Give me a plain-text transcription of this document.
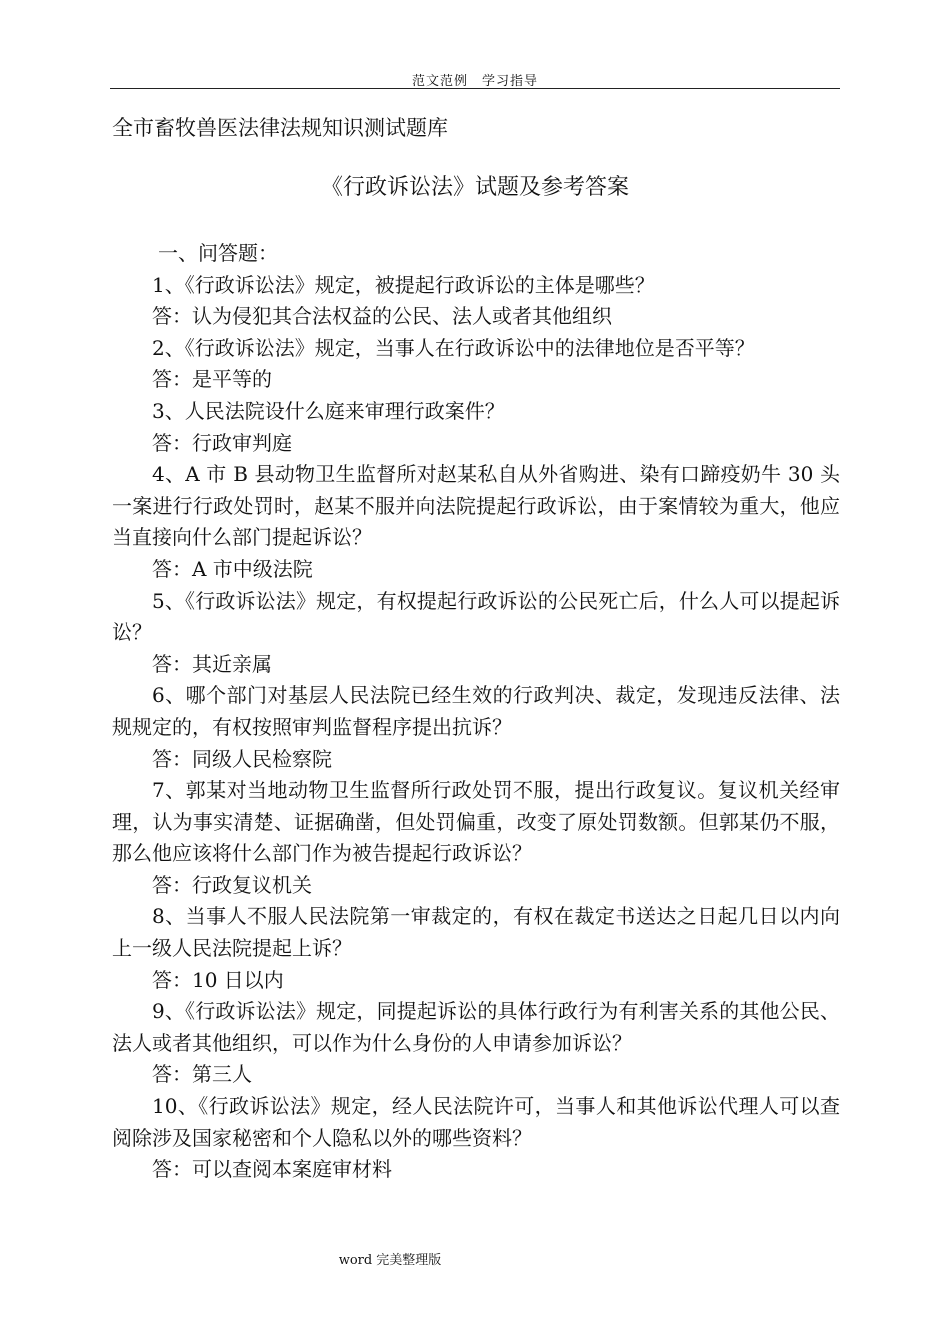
范文范例　学习指导
全市畜牧兽医法律法规知识测试题库
《行政诉讼法》试题及参考答案

一、问答题：

1、《行政诉讼法》规定，被提起行政诉讼的主体是哪些？

答：认为侵犯其合法权益的公民、法人或者其他组织

2、《行政诉讼法》规定，当事人在行政诉讼中的法律地位是否平等？

答：是平等的

3、人民法院设什么庭来审理行政案件？

答：行政审判庭

4、A 市 B 县动物卫生监督所对赵某私自从外省购进、染有口蹄疫奶牛 30 头一案进行行政处罚时，赵某不服并向法院提起行政诉讼，由于案情较为重大，他应当直接向什么部门提起诉讼？

答：A 市中级法院

5、《行政诉讼法》规定，有权提起行政诉讼的公民死亡后，什么人可以提起诉讼？

答：其近亲属

6、哪个部门对基层人民法院已经生效的行政判决、裁定，发现违反法律、法规规定的，有权按照审判监督程序提出抗诉？

答：同级人民检察院

7、郭某对当地动物卫生监督所行政处罚不服，提出行政复议。复议机关经审理，认为事实清楚、证据确凿，但处罚偏重，改变了原处罚数额。但郭某仍不服，那么他应该将什么部门作为被告提起行政诉讼？

答：行政复议机关

8、当事人不服人民法院第一审裁定的，有权在裁定书送达之日起几日以内向上一级人民法院提起上诉？

答：10 日以内

9、《行政诉讼法》规定，同提起诉讼的具体行政行为有利害关系的其他公民、法人或者其他组织，可以作为什么身份的人申请参加诉讼？

答：第三人

10、《行政诉讼法》规定，经人民法院许可，当事人和其他诉讼代理人可以查阅除涉及国家秘密和个人隐私以外的哪些资料？

答：可以查阅本案庭审材料

word 完美整理版
